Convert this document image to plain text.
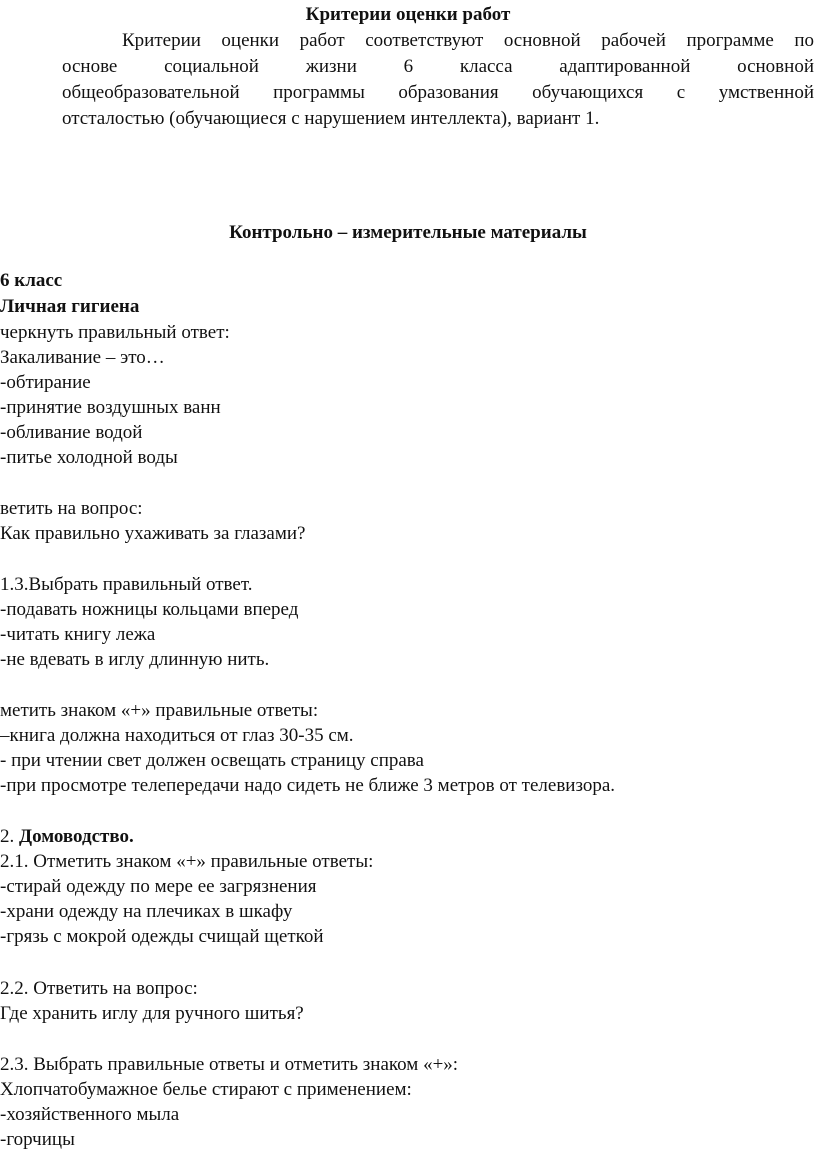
Критерии оценки работ
Критерии оценки работ соответствуют основной рабочей программе по
основе социальной жизни 6 класса адаптированной основной
общеобразовательной программы образования обучающихся с умственной
отсталостью (обучающиеся с нарушением интеллекта), вариант 1.
Контрольно – измерительные материалы
6 класс
Личная гигиена
черкнуть правильный ответ:
Закаливание – это…
-обтирание
-принятие воздушных ванн
-обливание водой
-питье холодной воды
ветить на вопрос:
Как правильно ухаживать за глазами?
1.3.Выбрать правильный ответ.
-подавать ножницы кольцами вперед
-читать книгу лежа
-не вдевать в иглу длинную нить.
метить знаком «+» правильные ответы:
–книга должна находиться от глаз 30-35 см.
- при чтении свет должен освещать страницу справа
-при просмотре телепередачи надо сидеть не ближе 3 метров от телевизора.
2. Домоводство.
2.1. Отметить знаком «+» правильные ответы:
-стирай одежду по мере ее загрязнения
-храни одежду на плечиках в шкафу
-грязь с мокрой одежды счищай щеткой
2.2. Ответить на вопрос:
Где хранить иглу для ручного шитья?
2.3. Выбрать правильные ответы и отметить знаком «+»:
Хлопчатобумажное белье стирают с применением:
-хозяйственного мыла
-горчицы
